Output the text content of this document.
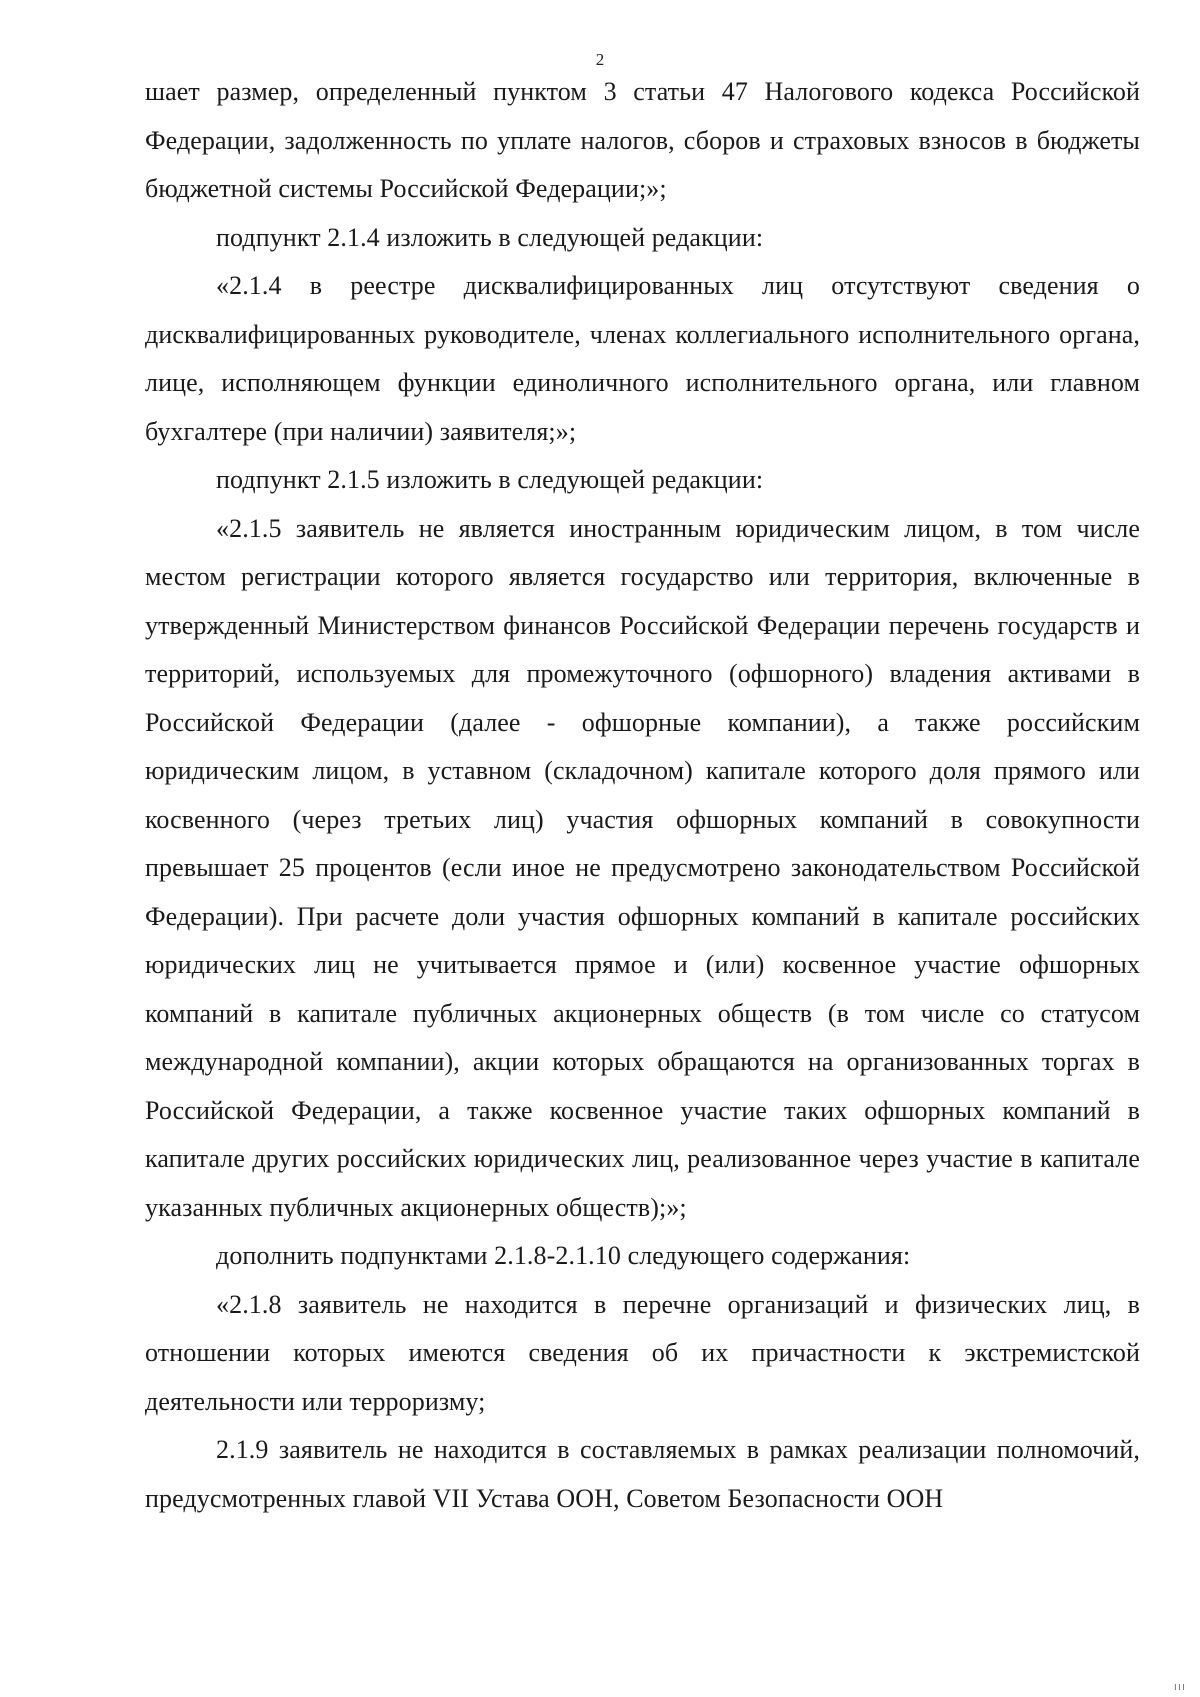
2

шает размер, определенный пунктом 3 статьи 47 Налогового кодекса Российской Федерации, задолженность по уплате налогов, сборов и страховых взносов в бюджеты бюджетной системы Российской Федерации;»;

подпункт 2.1.4 изложить в следующей редакции:

«2.1.4 в реестре дисквалифицированных лиц отсутствуют сведения о дисквалифицированных руководителе, членах коллегиального исполнительного органа, лице, исполняющем функции единоличного исполнительного органа, или главном бухгалтере (при наличии) заявителя;»;

подпункт 2.1.5 изложить в следующей редакции:

«2.1.5 заявитель не является иностранным юридическим лицом, в том числе местом регистрации которого является государство или территория, включенные в утвержденный Министерством финансов Российской Федерации перечень государств и территорий, используемых для промежуточного (офшорного) владения активами в Российской Федерации (далее - офшорные компании), а также российским юридическим лицом, в уставном (складочном) капитале которого доля прямого или косвенного (через третьих лиц) участия офшорных компаний в совокупности превышает 25 процентов (если иное не предусмотрено законодательством Российской Федерации). При расчете доли участия офшорных компаний в капитале российских юридических лиц не учитывается прямое и (или) косвенное участие офшорных компаний в капитале публичных акционерных обществ (в том числе со статусом международной компании), акции которых обращаются на организованных торгах в Российской Федерации, а также косвенное участие таких офшорных компаний в капитале других российских юридических лиц, реализованное через участие в капитале указанных публичных акционерных обществ);»;

дополнить подпунктами 2.1.8-2.1.10 следующего содержания:

«2.1.8 заявитель не находится в перечне организаций и физических лиц, в отношении которых имеются сведения об их причастности к экстремистской деятельности или терроризму;

2.1.9 заявитель не находится в составляемых в рамках реализации полномочий, предусмотренных главой VII Устава ООН, Советом Безопасности ООН

ııı
